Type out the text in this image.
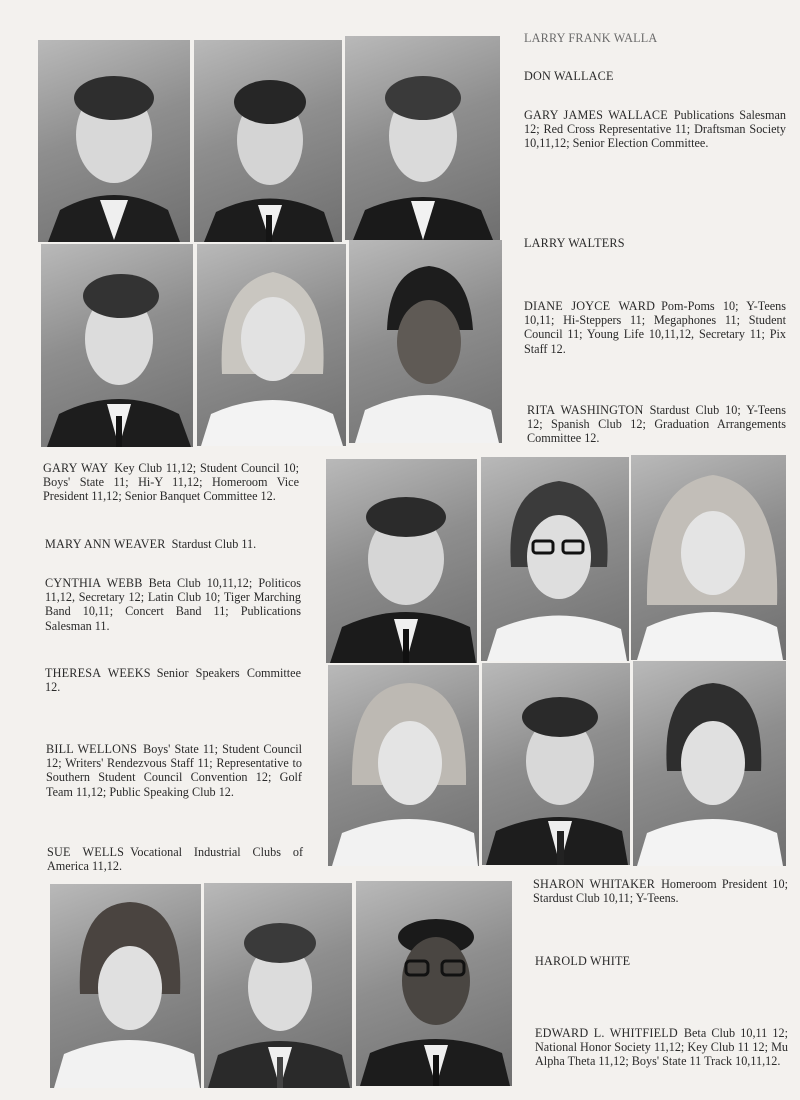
LARRY FRANK WALLA
DON WALLACE
GARY JAMES WALLACE Publications Salesman 12; Red Cross Representative 11; Draftsman Society 10,11,12; Senior Election Committee.
LARRY WALTERS
DIANE JOYCE WARD Pom-Poms 10; Y-Teens 10,11; Hi-Steppers 11; Megaphones 11; Student Council 11; Young Life 10,11,12, Secretary 11; Pix Staff 12.
RITA WASHINGTON Stardust Club 10; Y-Teens 12; Spanish Club 12; Graduation Arrangements Committee 12.
GARY WAY Key Club 11,12; Student Council 10; Boys' State 11; Hi-Y 11,12; Homeroom Vice President 11,12; Senior Banquet Committee 12.
MARY ANN WEAVER Stardust Club 11.
CYNTHIA WEBB Beta Club 10,11,12; Politicos 11,12, Secretary 12; Latin Club 10; Tiger Marching Band 10,11; Concert Band 11; Publications Salesman 11.
THERESA WEEKS Senior Speakers Committee 12.
BILL WELLONS Boys' State 11; Student Council 12; Writers' Rendezvous Staff 11; Representative to Southern Student Council Convention 12; Golf Team 11,12; Public Speaking Club 12.
SUE WELLS Vocational Industrial Clubs of America 11,12.
SHARON WHITAKER Homeroom President 10; Stardust Club 10,11; Y-Teens.
HAROLD WHITE
EDWARD L. WHITFIELD Beta Club 10,11 12; National Honor Society 11,12; Key Club 11 12; Mu Alpha Theta 11,12; Boys' State 11 Track 10,11,12.
